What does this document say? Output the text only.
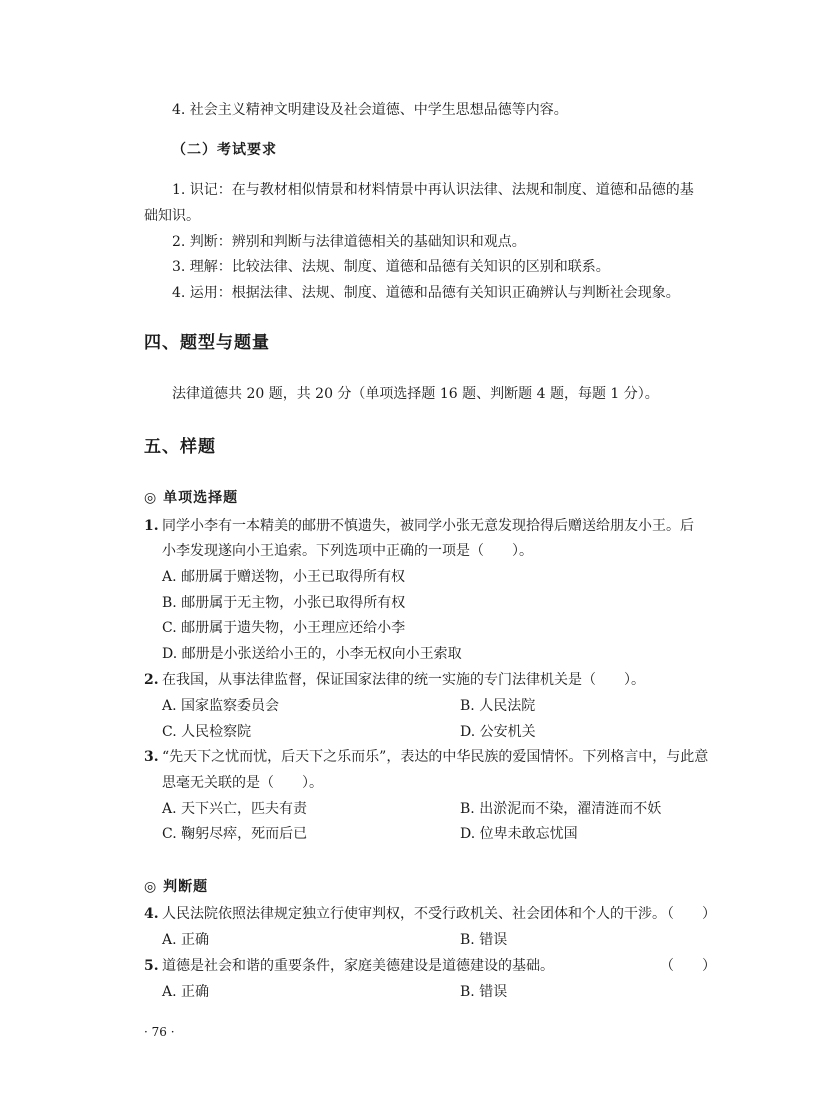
4. 社会主义精神文明建设及社会道德、中学生思想品德等内容。
（二）考试要求
1. 识记：在与教材相似情景和材料情景中再认识法律、法规和制度、道德和品德的基
础知识。
2. 判断：辨别和判断与法律道德相关的基础知识和观点。
3. 理解：比较法律、法规、制度、道德和品德有关知识的区别和联系。
4. 运用：根据法律、法规、制度、道德和品德有关知识正确辨认与判断社会现象。
四、题型与题量
法律道德共 20 题，共 20 分（单项选择题 16 题、判断题 4 题，每题 1 分）。
五、样题
◎ 单项选择题
1. 同学小李有一本精美的邮册不慎遗失，被同学小张无意发现拾得后赠送给朋友小王。后
小李发现遂向小王追索。下列选项中正确的一项是（ ）。
A. 邮册属于赠送物，小王已取得所有权
B. 邮册属于无主物，小张已取得所有权
C. 邮册属于遗失物，小王理应还给小李
D. 邮册是小张送给小王的，小李无权向小王索取
2. 在我国，从事法律监督，保证国家法律的统一实施的专门法律机关是（ ）。
A. 国家监察委员会	B. 人民法院
C. 人民检察院	D. 公安机关
3. “先天下之忧而忧，后天下之乐而乐”，表达的中华民族的爱国情怀。下列格言中，与此意
思毫无关联的是（ ）。
A. 天下兴亡，匹夫有责	B. 出淤泥而不染，濯清涟而不妖
C. 鞠躬尽瘁，死而后已	D. 位卑未敢忘忧国
◎ 判断题
4. 人民法院依照法律规定独立行使审判权，不受行政机关、社会团体和个人的干涉。
（　　）
A. 正确	B. 错误
5. 道德是社会和谐的重要条件，家庭美德建设是道德建设的基础。	（　　）
A. 正确	B. 错误
· 76 ·
